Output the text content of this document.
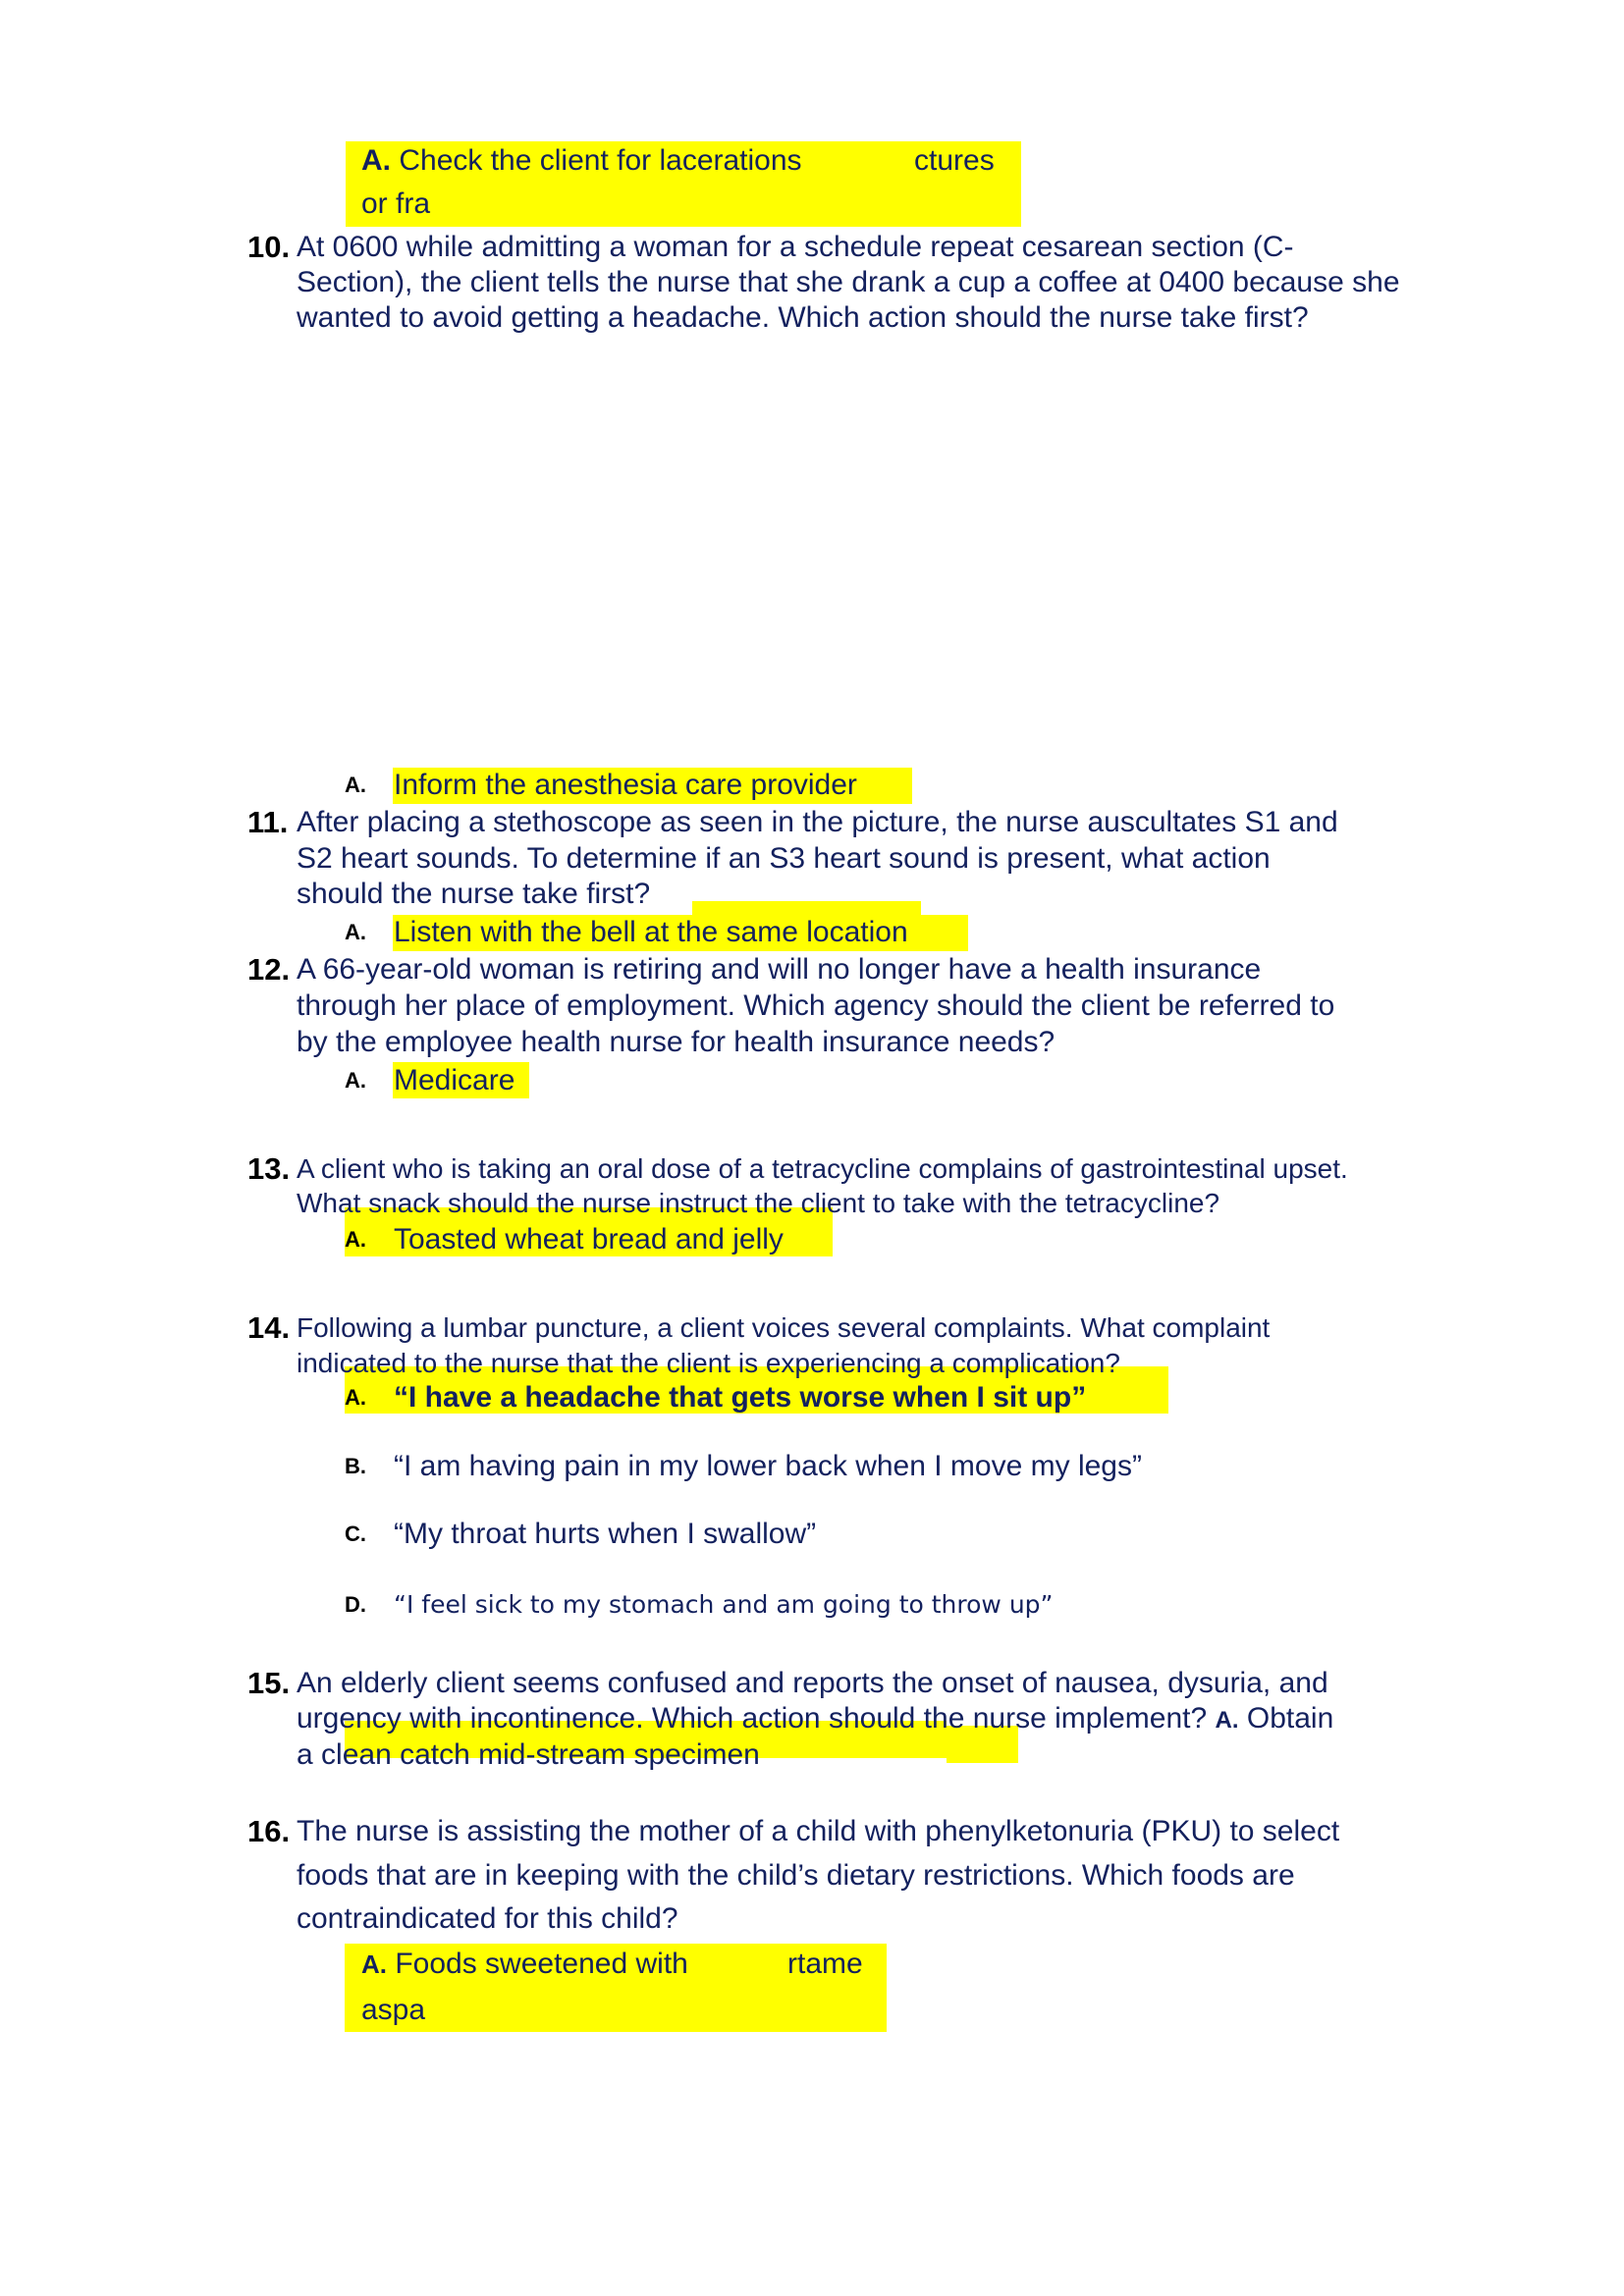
A. Check the client for lacerations	ctures
or fra
10. At 0600 while admitting a woman for a schedule repeat cesarean section (C-
Section), the client tells the nurse that she drank a cup a coffee at 0400 because she
wanted to avoid getting a headache. Which action should the nurse take first?
A. Inform the anesthesia care provider
11. After placing a stethoscope as seen in the picture, the nurse auscultates S1 and
S2 heart sounds. To determine if an S3 heart sound is present, what action
should the nurse take first?
A. Listen with the bell at the same location
12. A 66-year-old woman is retiring and will no longer have a health insurance
through her place of employment. Which agency should the client be referred to
by the employee health nurse for health insurance needs?
A. Medicare
13. A client who is taking an oral dose of a tetracycline complains of gastrointestinal upset.
What snack should the nurse instruct the client to take with the tetracycline?
A. Toasted wheat bread and jelly
14. Following a lumbar puncture, a client voices several complaints. What complaint
indicated to the nurse that the client is experiencing a complication?
A. “I have a headache that gets worse when I sit up”
B. “I am having pain in my lower back when I move my legs”
C. “My throat hurts when I swallow”
D. “I feel sick to my stomach and am going to throw up”
15. An elderly client seems confused and reports the onset of nausea, dysuria, and
urgency with incontinence. Which action should the nurse implement? A. Obtain
a clean catch mid-stream specimen
16. The nurse is assisting the mother of a child with phenylketonuria (PKU) to select
foods that are in keeping with the child’s dietary restrictions. Which foods are
contraindicated for this child?
A. Foods sweetened with	rtame
aspa
